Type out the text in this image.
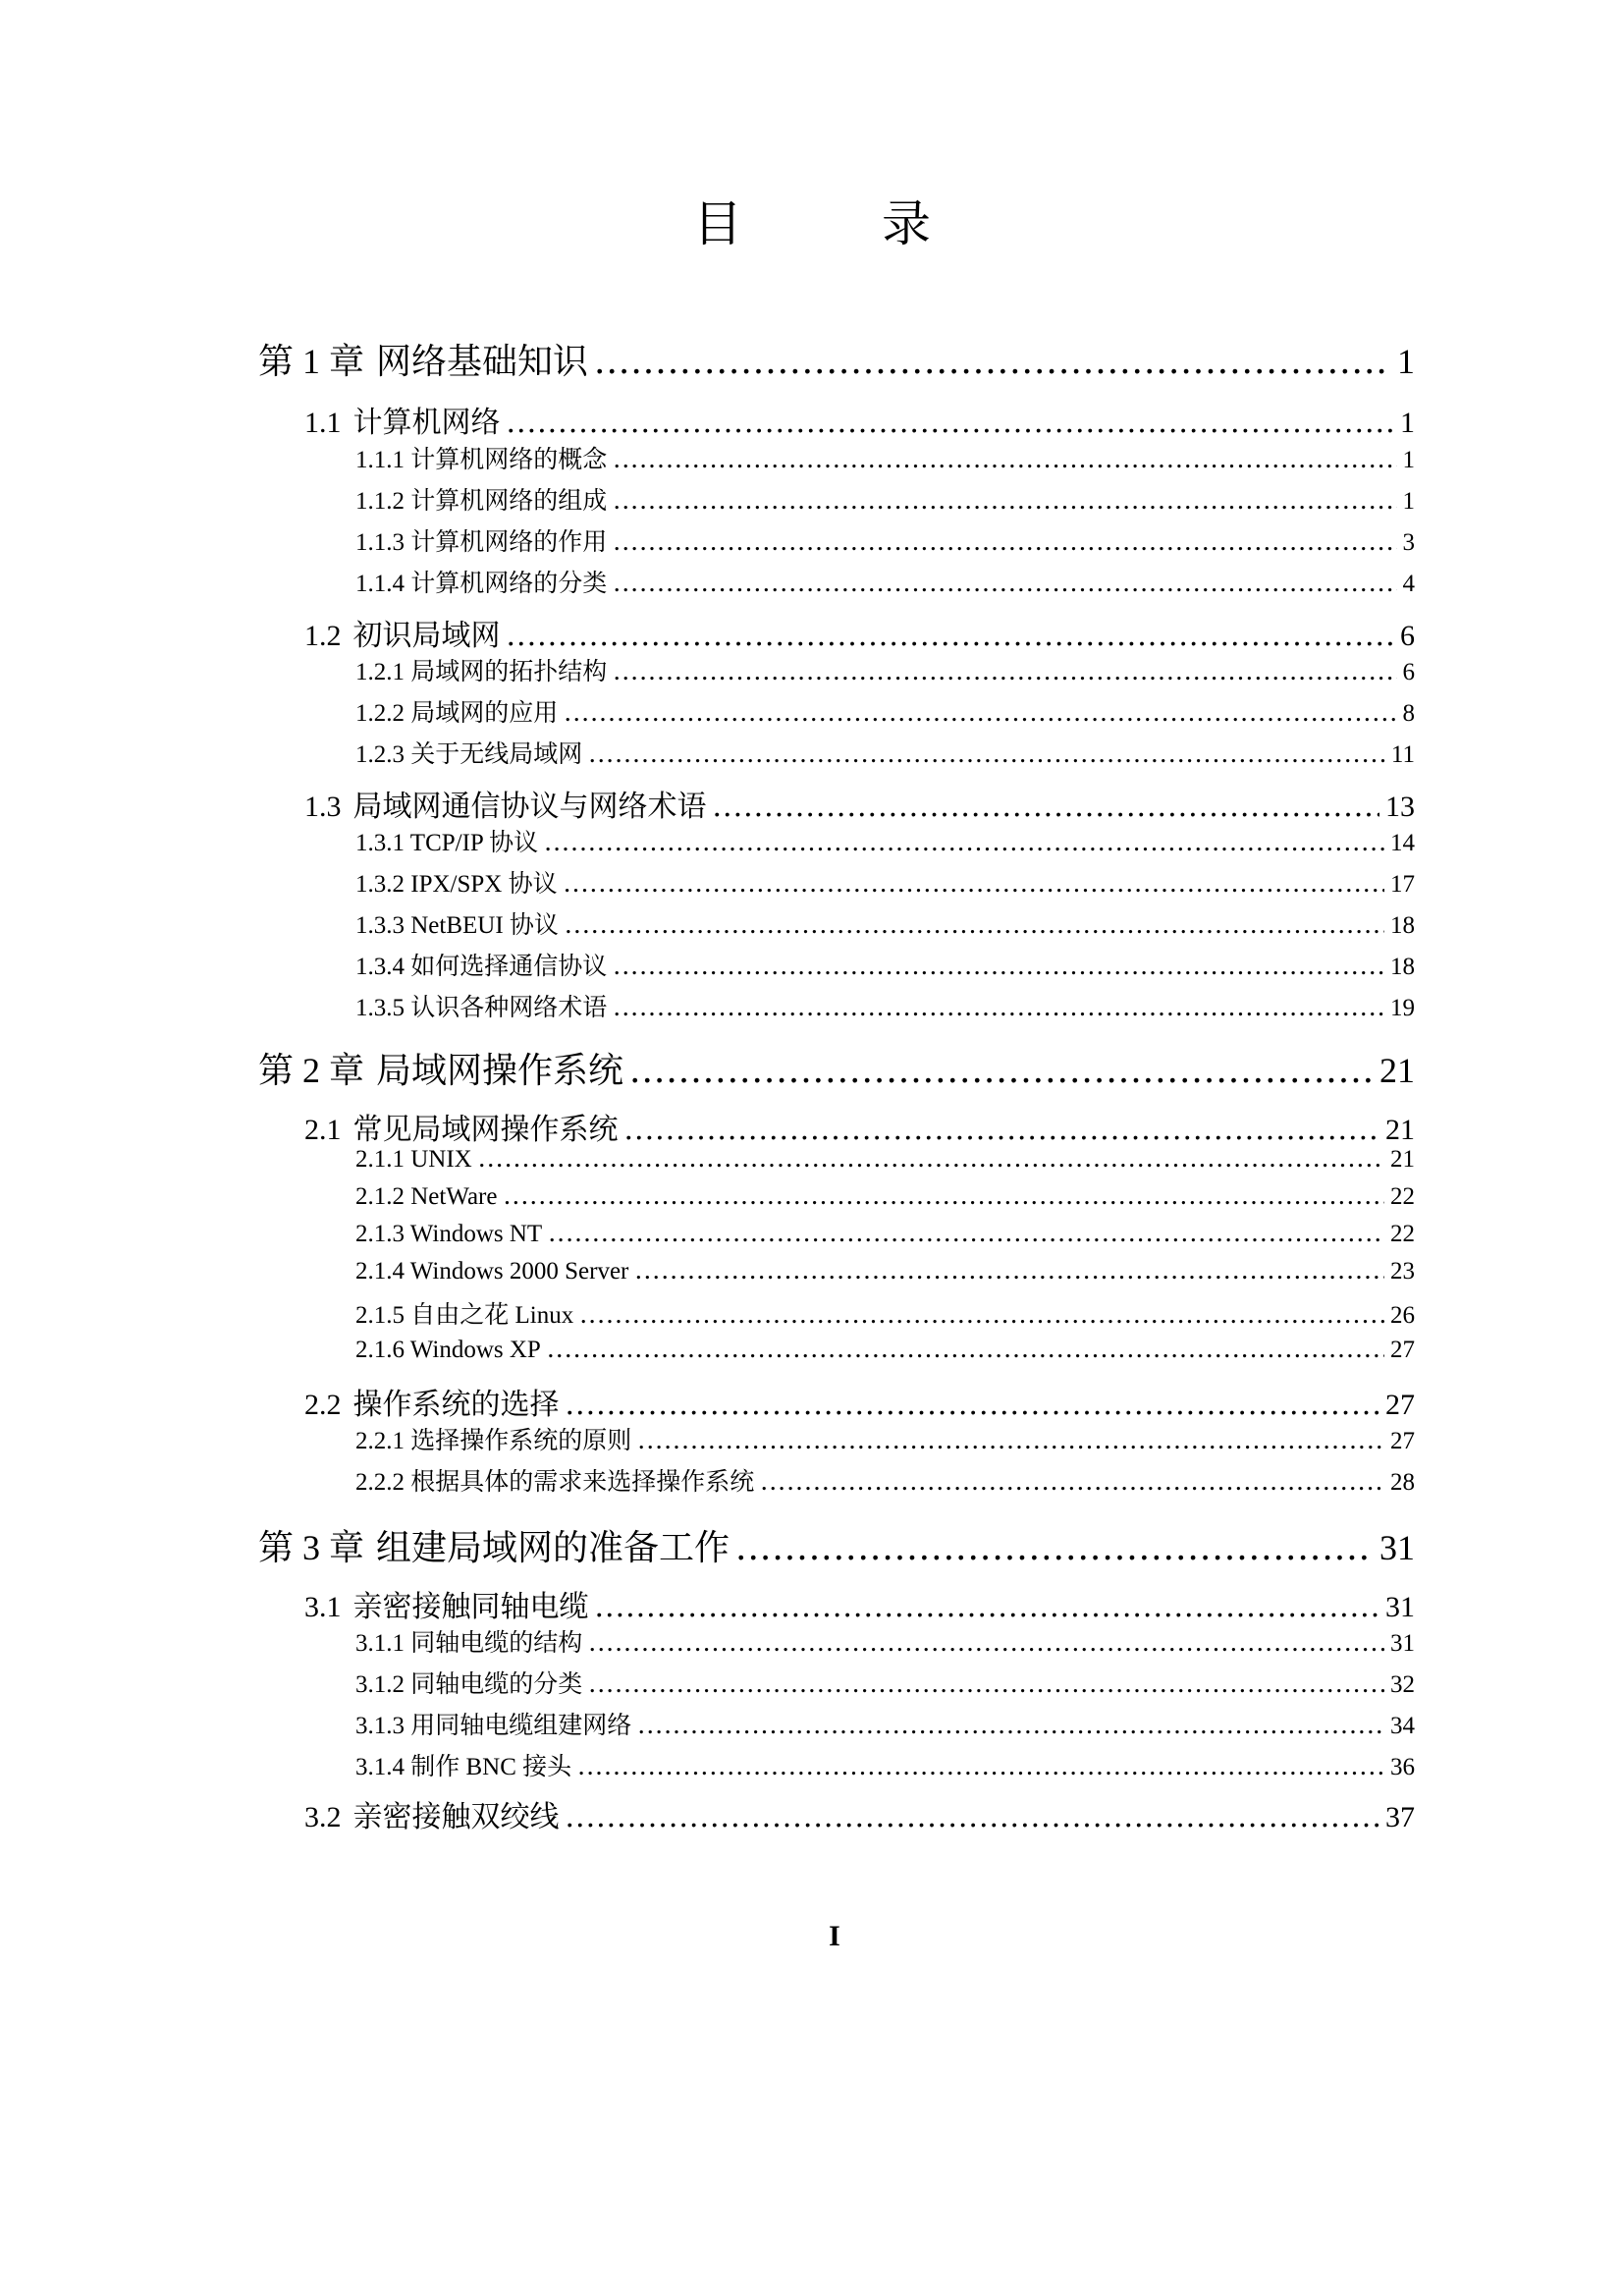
目　录
第 1 章 网络基础知识 .....	1
1.1 计算机网络 .....	1
1.1.1 计算机网络的概念 .....	1
1.1.2 计算机网络的组成 .....	1
1.1.3 计算机网络的作用 .....	3
1.1.4 计算机网络的分类 .....	4
1.2 初识局域网 .....	6
1.2.1 局域网的拓扑结构 .....	6
1.2.2 局域网的应用 .....	8
1.2.3 关于无线局域网 .....	11
1.3 局域网通信协议与网络术语 .....	13
1.3.1 TCP/IP 协议 .....	14
1.3.2 IPX/SPX 协议 .....	17
1.3.3 NetBEUI 协议 .....	18
1.3.4 如何选择通信协议 .....	18
1.3.5 认识各种网络术语 .....	19
第 2 章 局域网操作系统 .....	21
2.1 常见局域网操作系统 .....	21
2.1.1 UNIX .....	21
2.1.2 NetWare .....	22
2.1.3 Windows NT .....	22
2.1.4 Windows 2000 Server .....	23
2.1.5 自由之花 Linux .....	26
2.1.6 Windows XP .....	27
2.2 操作系统的选择 .....	27
2.2.1 选择操作系统的原则 .....	27
2.2.2 根据具体的需求来选择操作系统 .....	28
第 3 章 组建局域网的准备工作 .....	31
3.1 亲密接触同轴电缆 .....	31
3.1.1 同轴电缆的结构 .....	31
3.1.2 同轴电缆的分类 .....	32
3.1.3 用同轴电缆组建网络 .....	34
3.1.4 制作 BNC 接头 .....	36
3.2 亲密接触双绞线 .....	37
I
